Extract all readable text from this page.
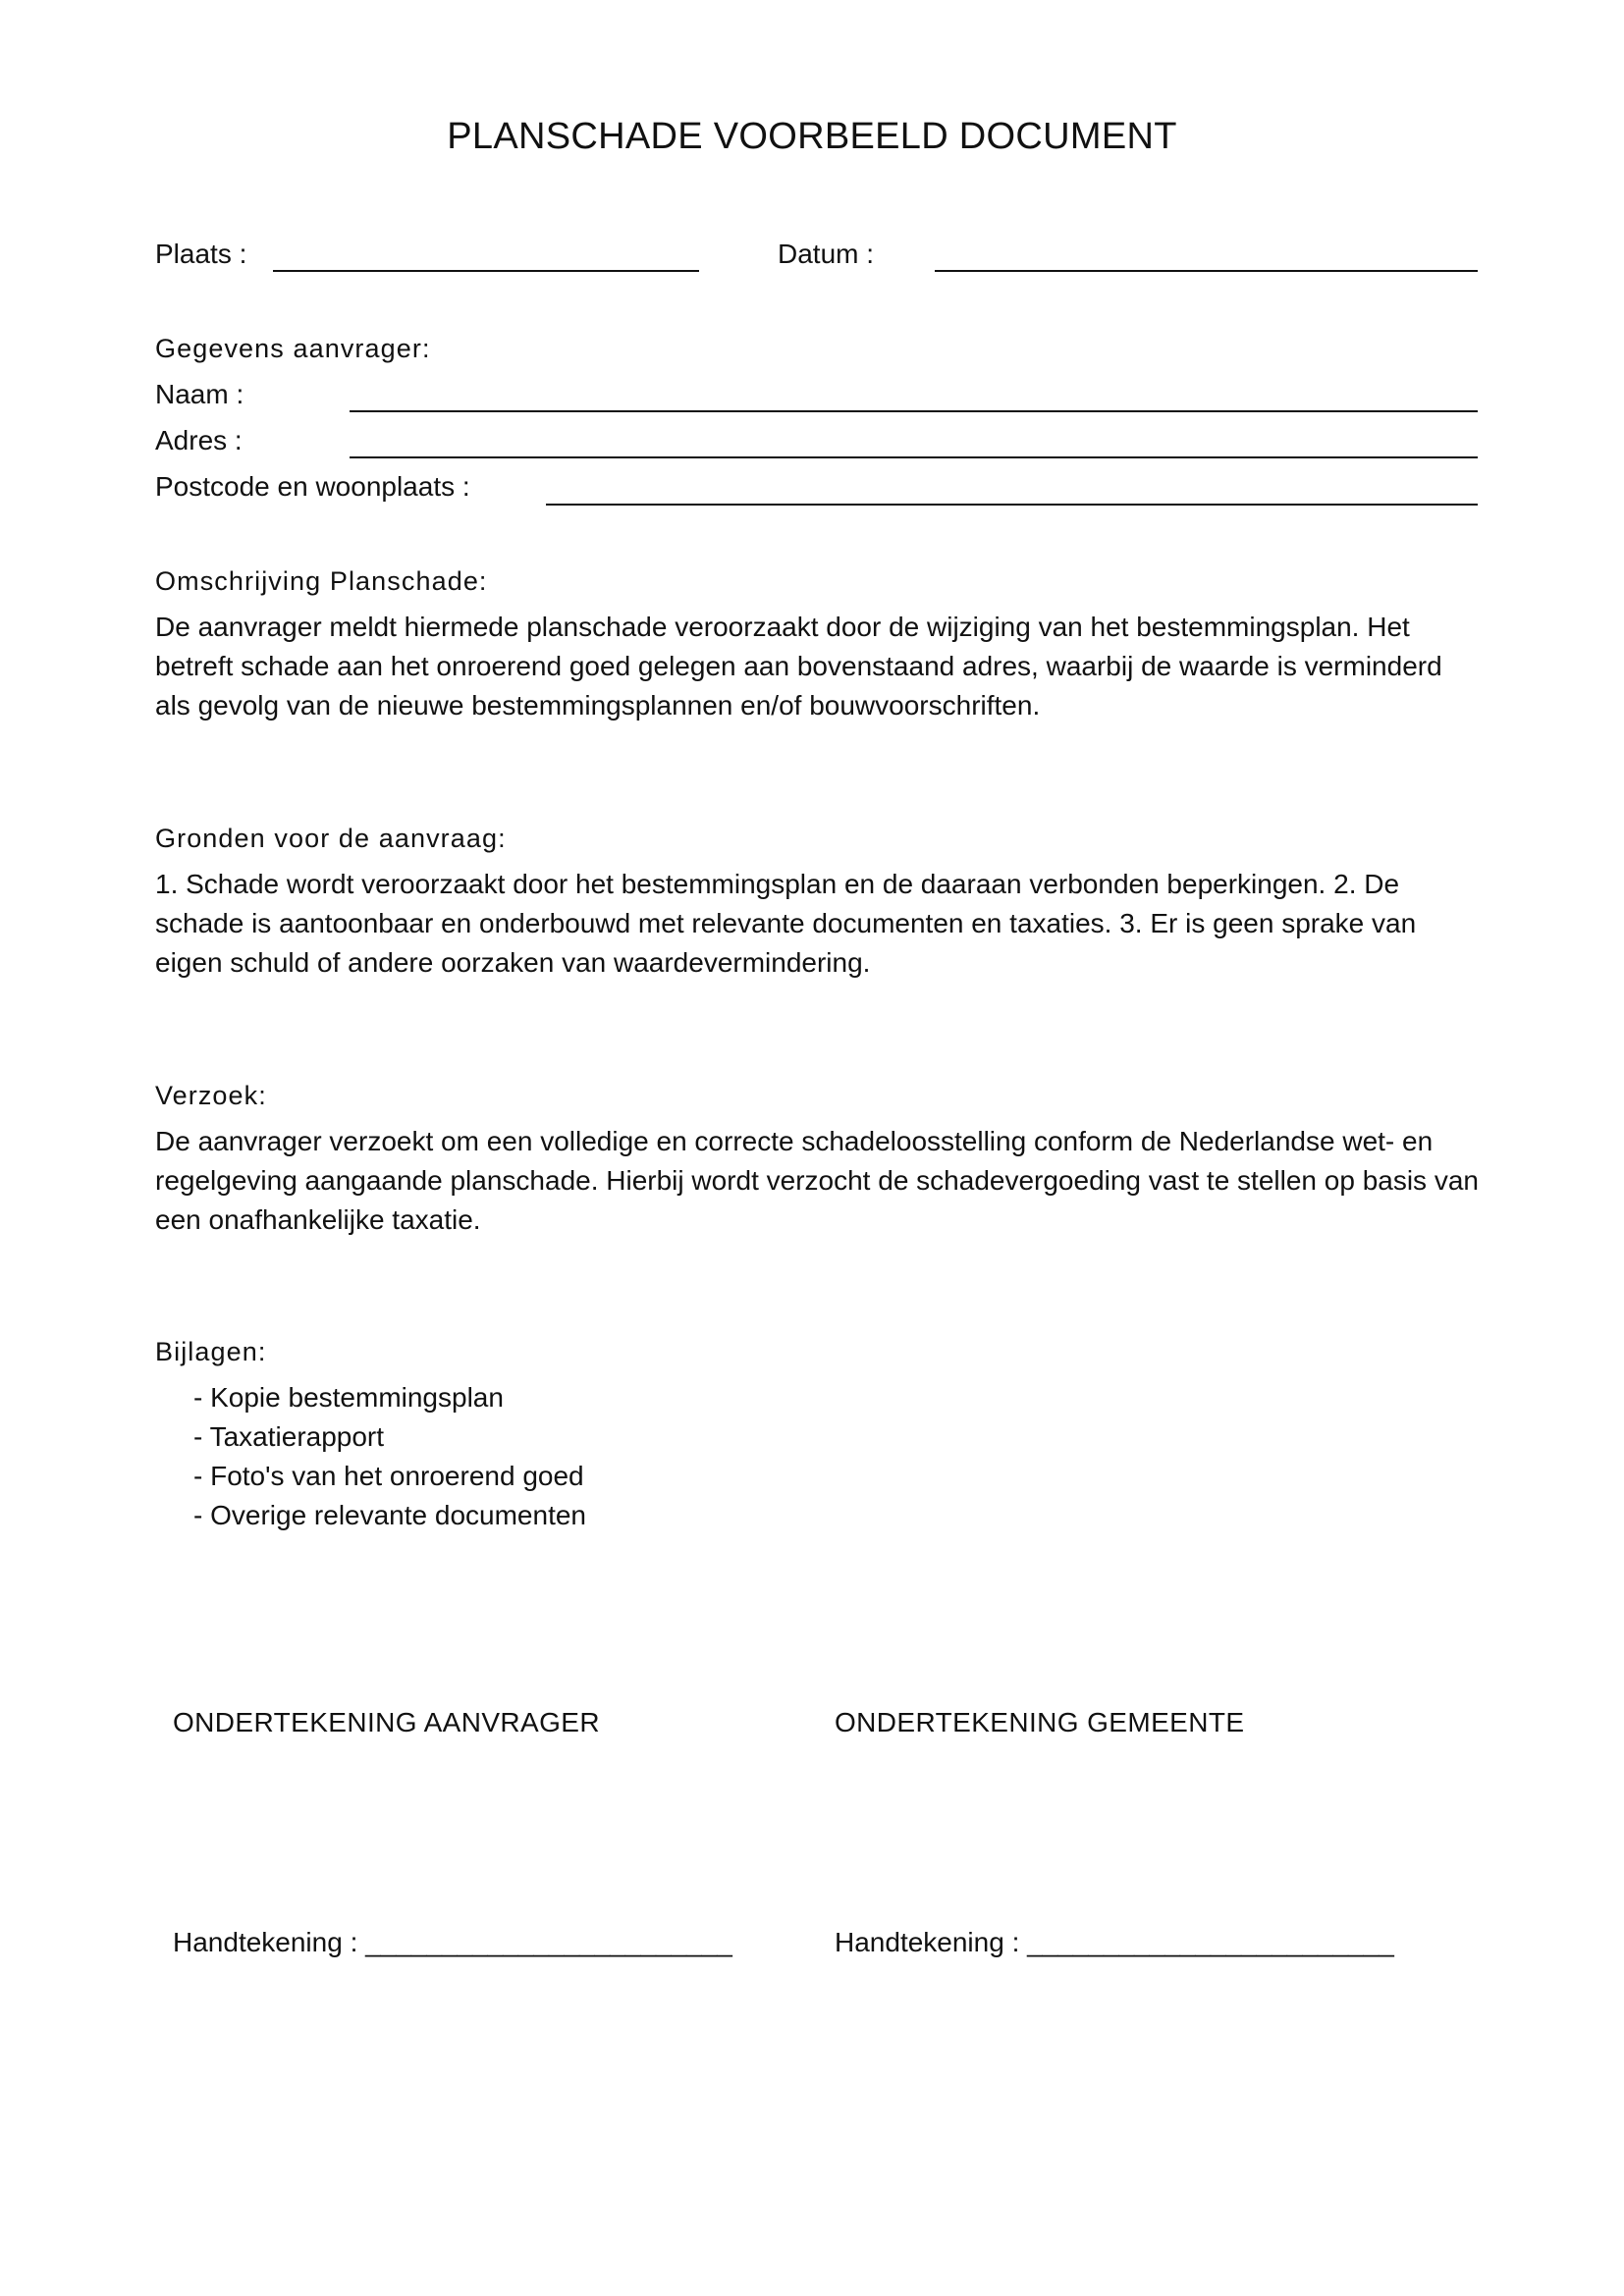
PLANSCHADE VOORBEELD DOCUMENT
Plaats :	Datum :
Gegevens aanvrager:
Naam :
Adres :
Postcode en woonplaats :
Omschrijving Planschade:
De aanvrager meldt hiermede planschade veroorzaakt door de wijziging van het bestemmingsplan. Het
betreft schade aan het onroerend goed gelegen aan bovenstaand adres, waarbij de waarde is verminderd
als gevolg van de nieuwe bestemmingsplannen en/of bouwvoorschriften.
Gronden voor de aanvraag:
1. Schade wordt veroorzaakt door het bestemmingsplan en de daaraan verbonden beperkingen. 2. De
schade is aantoonbaar en onderbouwd met relevante documenten en taxaties. 3. Er is geen sprake van
eigen schuld of andere oorzaken van waardevermindering.
Verzoek:
De aanvrager verzoekt om een volledige en correcte schadeloosstelling conform de Nederlandse wet- en
regelgeving aangaande planschade. Hierbij wordt verzocht de schadevergoeding vast te stellen op basis van
een onafhankelijke taxatie.
Bijlagen:
- Kopie bestemmingsplan
- Taxatierapport
- Foto's van het onroerend goed
- Overige relevante documenten
ONDERTEKENING AANVRAGER	ONDERTEKENING GEMEENTE
Handtekening : ________________________	Handtekening : ________________________
